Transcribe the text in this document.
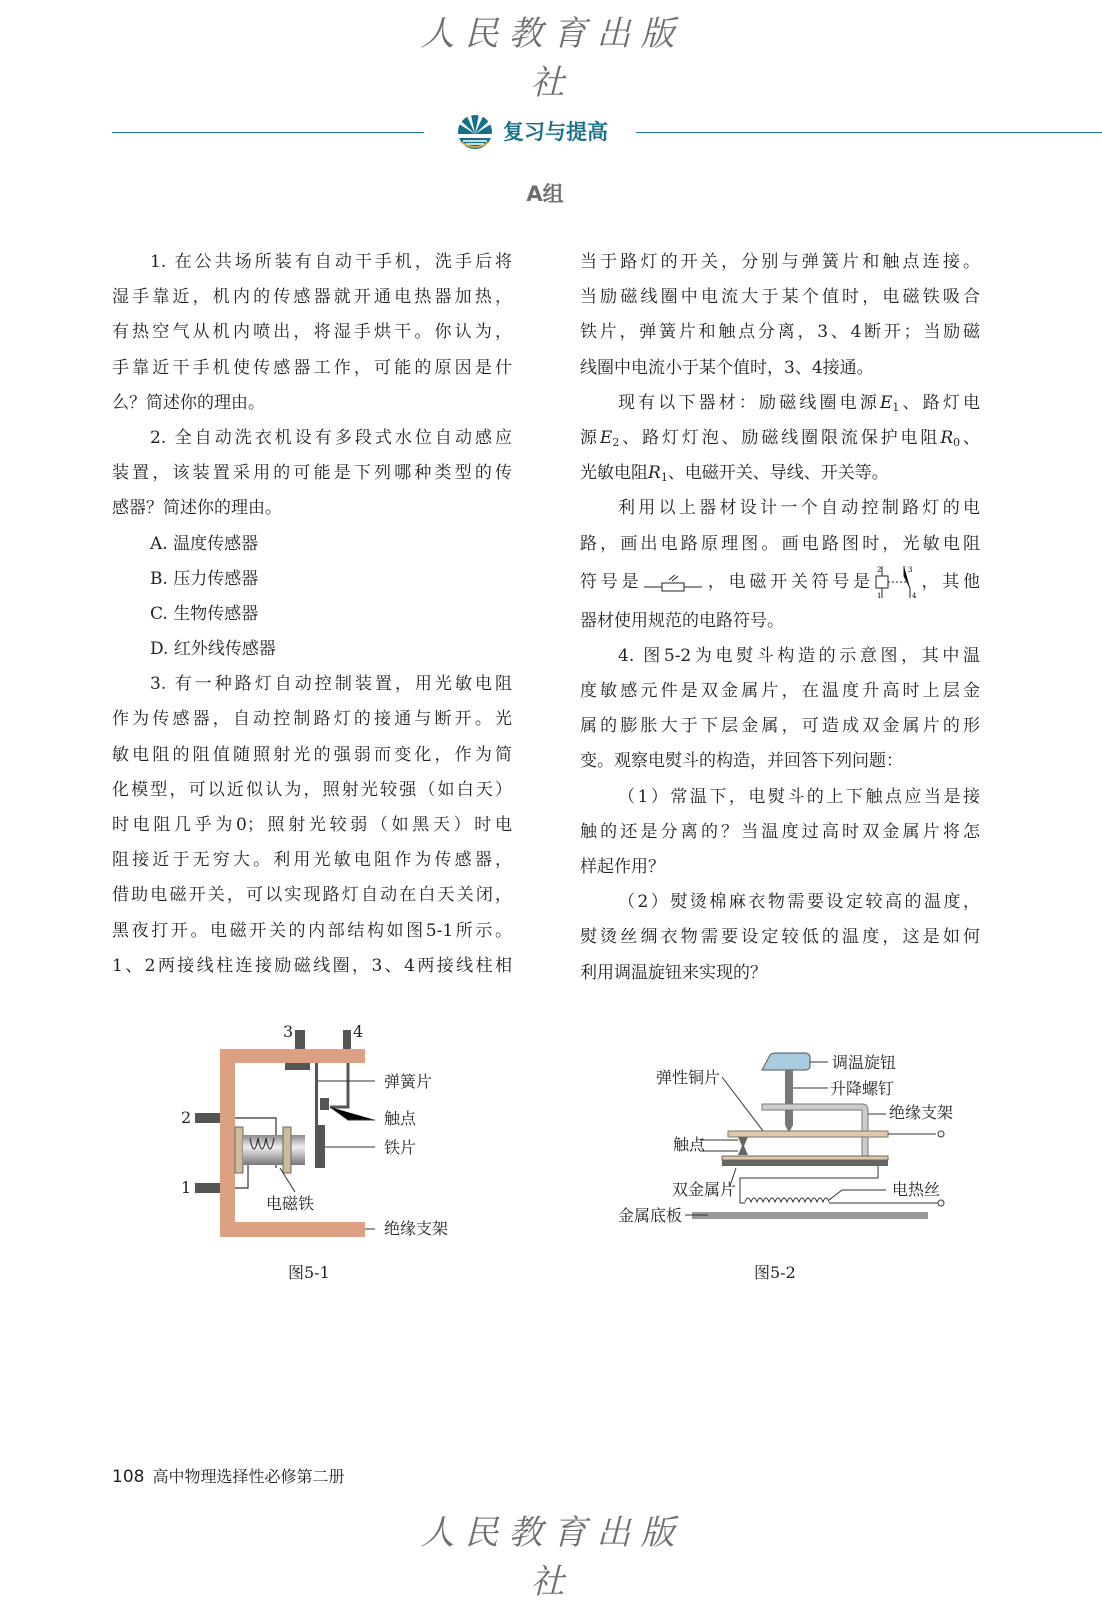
人民教育出版社
复习与提高
A组
1. 在公共场所装有自动干手机，洗手后将
湿手靠近，机内的传感器就开通电热器加热，
有热空气从机内喷出，将湿手烘干。你认为，
手靠近干手机使传感器工作，可能的原因是什
么？简述你的理由。
2. 全自动洗衣机设有多段式水位自动感应
装置，该装置采用的可能是下列哪种类型的传
感器？简述你的理由。
A. 温度传感器
B. 压力传感器
C. 生物传感器
D. 红外线传感器
3. 有一种路灯自动控制装置，用光敏电阻
作为传感器，自动控制路灯的接通与断开。光
敏电阻的阻值随照射光的强弱而变化，作为简
化模型，可以近似认为，照射光较强（如白天）
时电阻几乎为0；照射光较弱（如黑天）时电
阻接近于无穷大。利用光敏电阻作为传感器，
借助电磁开关，可以实现路灯自动在白天关闭，
黑夜打开。电磁开关的内部结构如图5-1所示。
1、2两接线柱连接励磁线圈，3、4两接线柱相
当于路灯的开关，分别与弹簧片和触点连接。
当励磁线圈中电流大于某个值时，电磁铁吸合
铁片，弹簧片和触点分离，3、4断开；当励磁
线圈中电流小于某个值时，3、4接通。
现有以下器材：励磁线圈电源$E_1$、路灯电
源$E_2$、路灯灯泡、励磁线圈限流保护电阻$R_0$、
光敏电阻$R_1$、电磁开关、导线、开关等。
利用以上器材设计一个自动控制路灯的电
路，画出电路原理图。画电路图时，光敏电阻
符号是	，电磁开关符号是
2
1
3
4
，其他
器材使用规范的电路符号。
4. 图5-2为电熨斗构造的示意图，其中温
度敏感元件是双金属片，在温度升高时上层金
属的膨胀大于下层金属，可造成双金属片的形
变。观察电熨斗的构造，并回答下列问题：
（1）常温下，电熨斗的上下触点应当是接
触的还是分离的？当温度过高时双金属片将怎
样起作用？
（2）熨烫棉麻衣物需要设定较高的温度，
熨烫丝绸衣物需要设定较低的温度，这是如何
利用调温旋钮来实现的？
3	4
2
1
弹簧片
触点
铁片
电磁铁
绝缘支架
图5-1
调温旋钮
弹性铜片
升降螺钉
绝缘支架
触点
双金属片	电热丝
金属底板
图5-2
108 高中物理选择性必修第二册
人民教育出版社
